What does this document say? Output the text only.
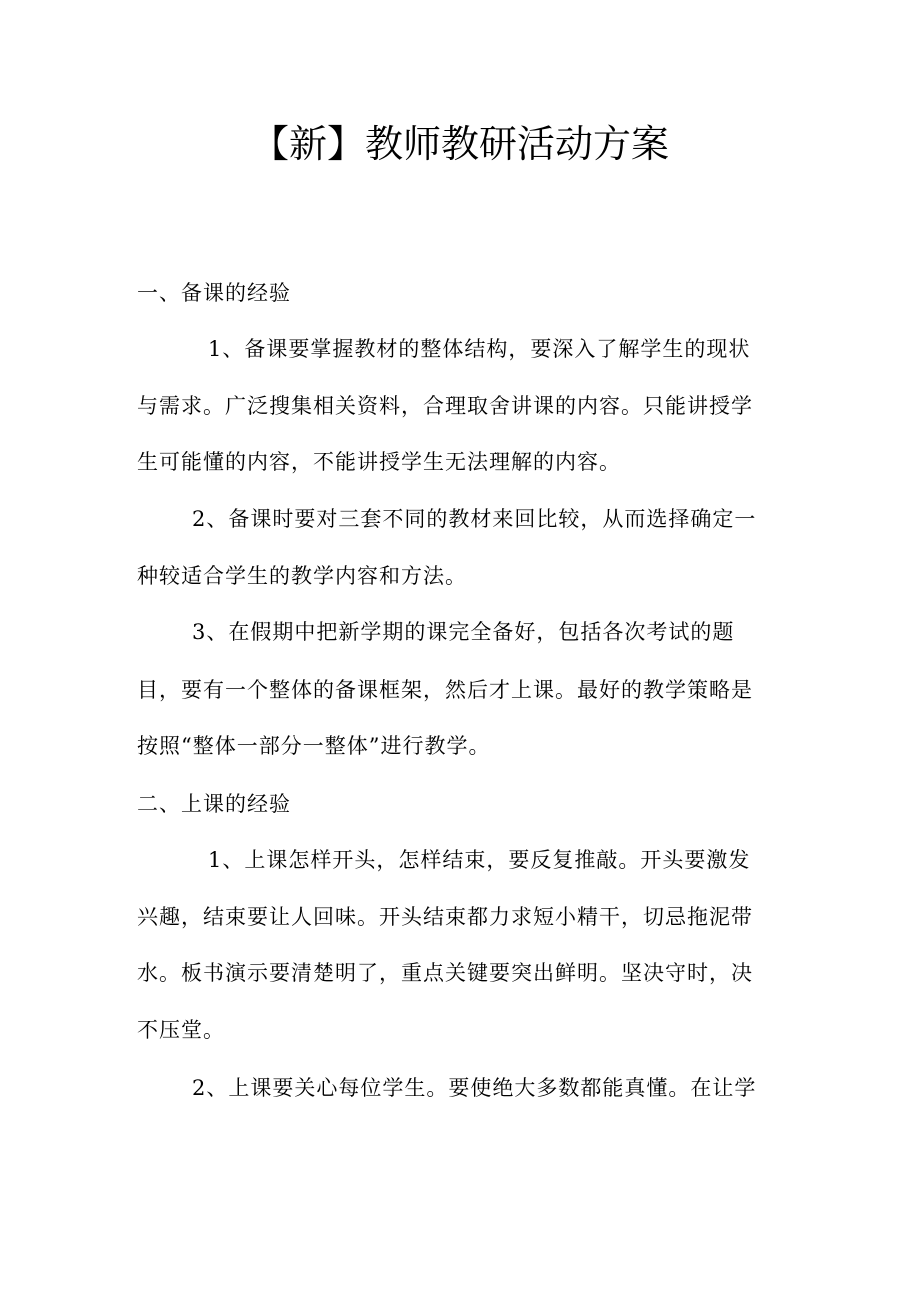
【新】教师教研活动方案
一、备课的经验
1、备课要掌握教材的整体结构，要深入了解学生的现状
与需求。广泛搜集相关资料，合理取舍讲课的内容。只能讲授学
生可能懂的内容，不能讲授学生无法理解的内容。
2、备课时要对三套不同的教材来回比较，从而选择确定一
种较适合学生的教学内容和方法。
3、在假期中把新学期的课完全备好，包括各次考试的题
目，要有一个整体的备课框架，然后才上课。最好的教学策略是
按照“整体一部分一整体”进行教学。
二、上课的经验
1、上课怎样开头，怎样结束，要反复推敲。开头要激发
兴趣，结束要让人回味。开头结束都力求短小精干，切忌拖泥带
水。板书演示要清楚明了，重点关键要突出鲜明。坚决守时，决
不压堂。
2、上课要关心每位学生。要使绝大多数都能真懂。在让学
